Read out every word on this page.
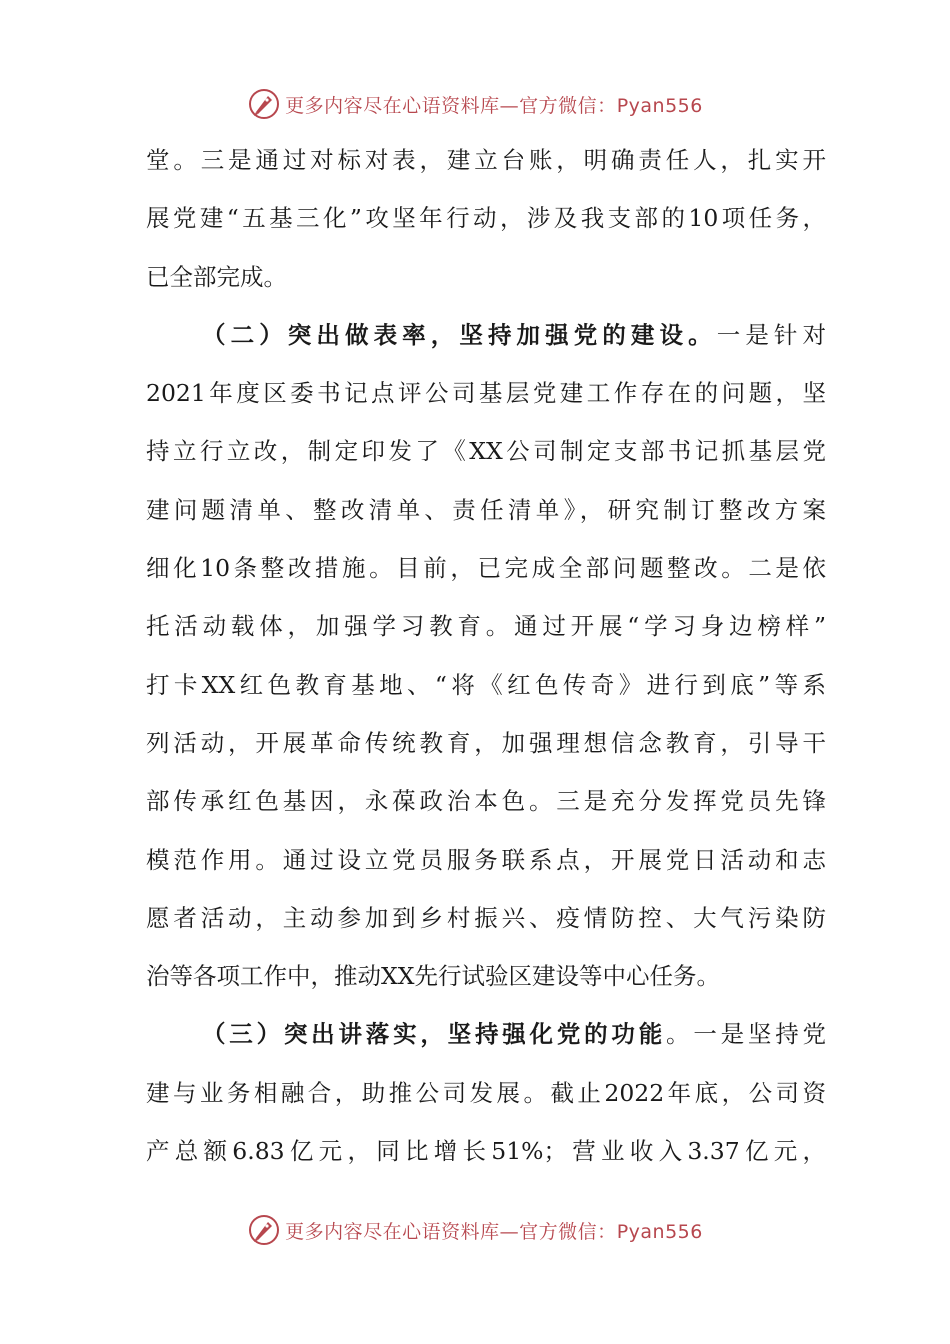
更多内容尽在心语资料库—官方微信：Pyan556
堂。三是通过对标对表，建立台账，明确责任人，扎实开
展党建“五基三化”攻坚年行动，涉及我支部的10项任务，
已全部完成。
（二）突出做表率，坚持加强党的建设。一是针对
2021年度区委书记点评公司基层党建工作存在的问题，坚
持立行立改，制定印发了《XX公司制定支部书记抓基层党
建问题清单、整改清单、责任清单》，研究制订整改方案
细化10条整改措施。目前，已完成全部问题整改。二是依
托活动载体，加强学习教育。通过开展“学习身边榜样”
打卡XX红色教育基地、“将《红色传奇》进行到底”等系
列活动，开展革命传统教育，加强理想信念教育，引导干
部传承红色基因，永葆政治本色。三是充分发挥党员先锋
模范作用。通过设立党员服务联系点，开展党日活动和志
愿者活动，主动参加到乡村振兴、疫情防控、大气污染防
治等各项工作中，推动XX先行试验区建设等中心任务。
（三）突出讲落实，坚持强化党的功能。一是坚持党
建与业务相融合，助推公司发展。截止2022年底，公司资
产总额6.83亿元，同比增长51%；营业收入3.37亿元，
更多内容尽在心语资料库—官方微信：Pyan556
